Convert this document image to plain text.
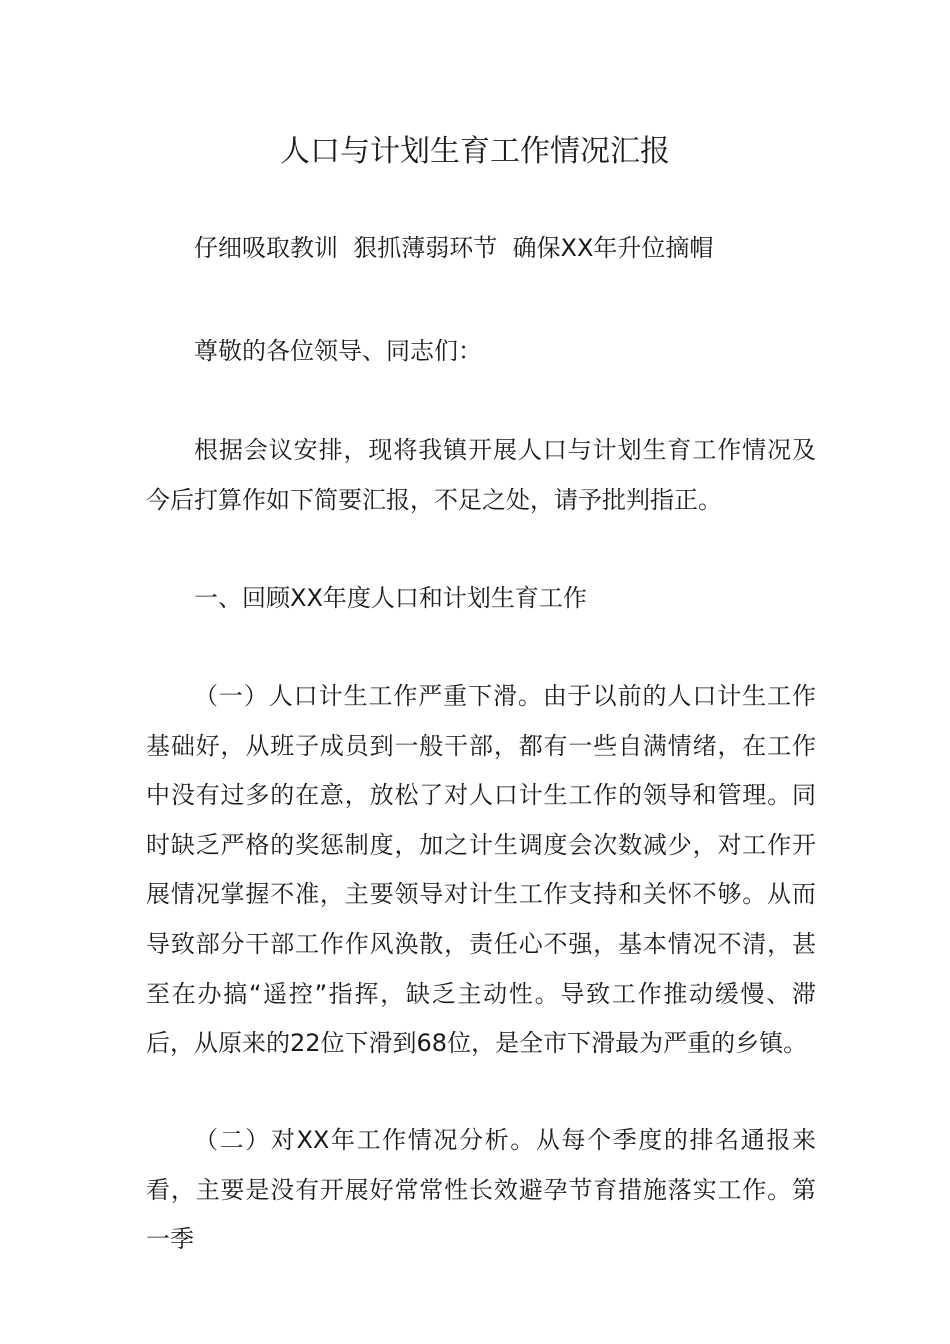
人口与计划生育工作情况汇报

仔细吸取教训  狠抓薄弱环节  确保XX年升位摘帽

尊敬的各位领导、同志们：

根据会议安排，现将我镇开展人口与计划生育工作情况及今后打算作如下简要汇报，不足之处，请予批判指正。

一、回顾XX年度人口和计划生育工作

（一）人口计生工作严重下滑。由于以前的人口计生工作基础好，从班子成员到一般干部，都有一些自满情绪，在工作中没有过多的在意，放松了对人口计生工作的领导和管理。同时缺乏严格的奖惩制度，加之计生调度会次数减少，对工作开展情况掌握不准，主要领导对计生工作支持和关怀不够。从而导致部分干部工作作风涣散，责任心不强，基本情况不清，甚至在办搞“遥控”指挥，缺乏主动性。导致工作推动缓慢、滞后，从原来的22位下滑到68位，是全市下滑最为严重的乡镇。

（二）对XX年工作情况分析。从每个季度的排名通报来看，主要是没有开展好常常性长效避孕节育措施落实工作。第一季
